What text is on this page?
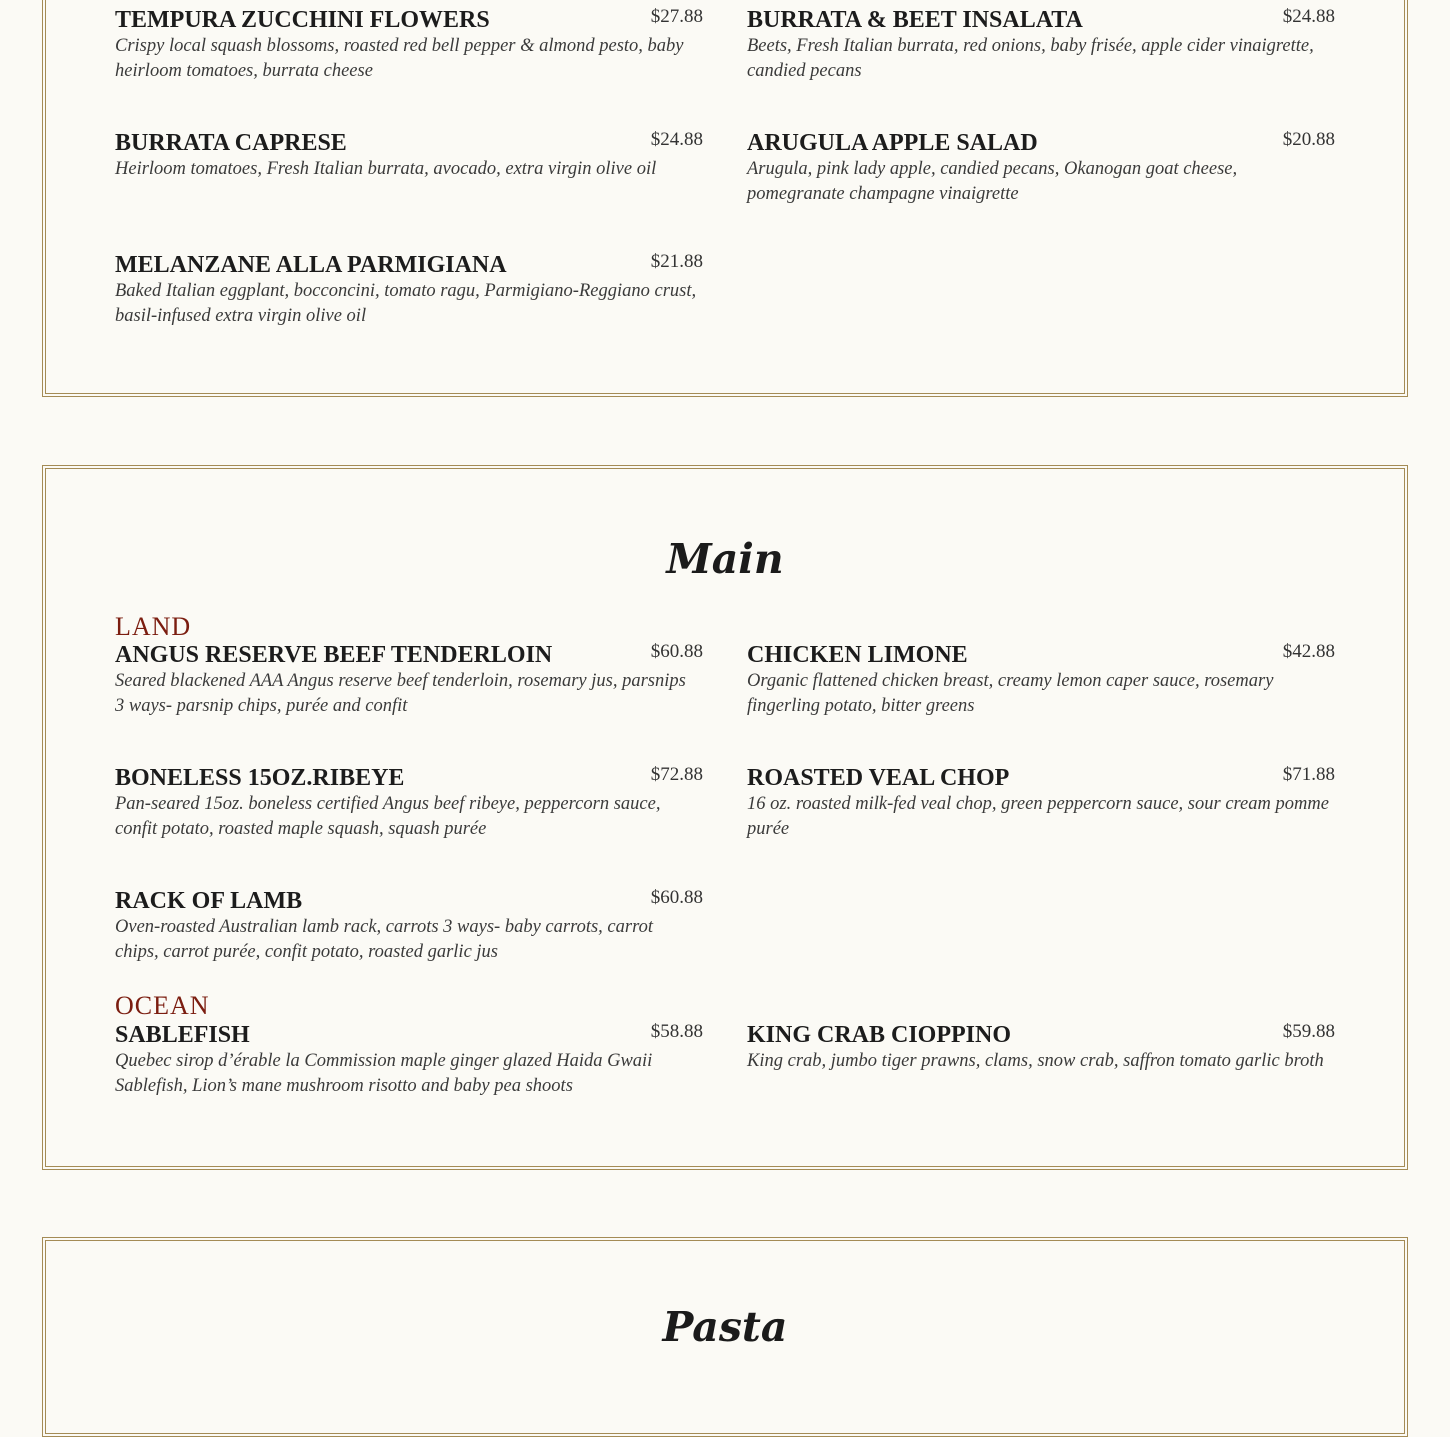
TEMPURA ZUCCHINI FLOWERS	$27.88

Crispy local squash blossoms, roasted red bell pepper & almond pesto, baby heirloom tomatoes, burrata cheese

BURRATA & BEET INSALATA	$24.88

Beets, Fresh Italian burrata, red onions, baby frisée, apple cider vinaigrette, candied pecans

BURRATA CAPRESE	$24.88

Heirloom tomatoes, Fresh Italian burrata, avocado, extra virgin olive oil

ARUGULA APPLE SALAD	$20.88

Arugula, pink lady apple, candied pecans, Okanogan goat cheese, pomegranate champagne vinaigrette

MELANZANE ALLA PARMIGIANA	$21.88

Baked Italian eggplant, bocconcini, tomato ragu, Parmigiano-Reggiano crust, basil-infused extra virgin olive oil

Main
LAND
ANGUS RESERVE BEEF TENDERLOIN	$60.88

Seared blackened AAA Angus reserve beef tenderloin, rosemary jus, parsnips 3 ways- parsnip chips, purée and confit

CHICKEN LIMONE	$42.88

Organic flattened chicken breast, creamy lemon caper sauce, rosemary fingerling potato, bitter greens

BONELESS 15OZ.RIBEYE	$72.88

Pan-seared 15oz. boneless certified Angus beef ribeye, peppercorn sauce, confit potato, roasted maple squash, squash purée

ROASTED VEAL CHOP	$71.88

16 oz. roasted milk-fed veal chop, green peppercorn sauce, sour cream pomme purée

RACK OF LAMB	$60.88

Oven-roasted Australian lamb rack, carrots 3 ways- baby carrots, carrot chips, carrot purée, confit potato, roasted garlic jus

OCEAN
SABLEFISH	$58.88

Quebec sirop d’érable la Commission maple ginger glazed Haida Gwaii Sablefish, Lion’s mane mushroom risotto and baby pea shoots

KING CRAB CIOPPINO	$59.88

King crab, jumbo tiger prawns, clams, snow crab, saffron tomato garlic broth

Pasta
